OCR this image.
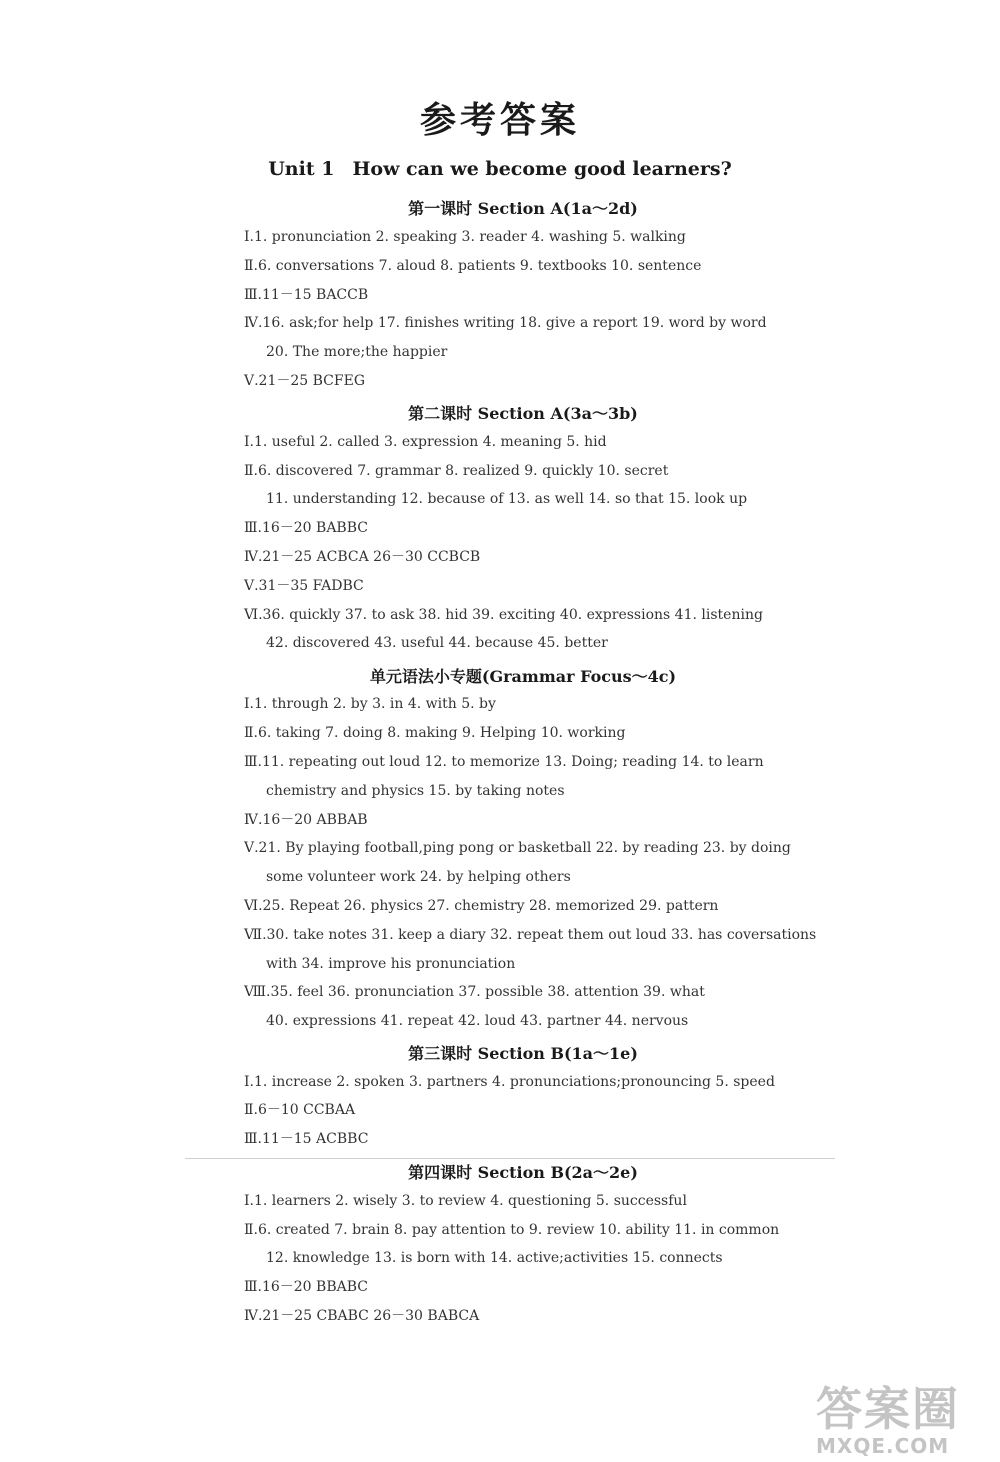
参考答案
Unit 1 How can we become good learners?
第一课时 Section A(1a～2d)
Ⅰ.1. pronunciation 2. speaking 3. reader 4. washing 5. walking
Ⅱ.6. conversations 7. aloud 8. patients 9. textbooks 10. sentence
Ⅲ.11－15 BACCB
Ⅳ.16. ask;for help 17. finishes writing 18. give a report 19. word by word
20. The more;the happier
Ⅴ.21－25 BCFEG
第二课时 Section A(3a～3b)
Ⅰ.1. useful 2. called 3. expression 4. meaning 5. hid
Ⅱ.6. discovered 7. grammar 8. realized 9. quickly 10. secret
11. understanding 12. because of 13. as well 14. so that 15. look up
Ⅲ.16－20 BABBC
Ⅳ.21－25 ACBCA 26－30 CCBCB
Ⅴ.31－35 FADBC
Ⅵ.36. quickly 37. to ask 38. hid 39. exciting 40. expressions 41. listening
42. discovered 43. useful 44. because 45. better
单元语法小专题(Grammar Focus～4c)
Ⅰ.1. through 2. by 3. in 4. with 5. by
Ⅱ.6. taking 7. doing 8. making 9. Helping 10. working
Ⅲ.11. repeating out loud 12. to memorize 13. Doing; reading 14. to learn
chemistry and physics 15. by taking notes
Ⅳ.16－20 ABBAB
Ⅴ.21. By playing football,ping pong or basketball 22. by reading 23. by doing
some volunteer work 24. by helping others
Ⅵ.25. Repeat 26. physics 27. chemistry 28. memorized 29. pattern
Ⅶ.30. take notes 31. keep a diary 32. repeat them out loud 33. has coversations
with 34. improve his pronunciation
Ⅷ.35. feel 36. pronunciation 37. possible 38. attention 39. what
40. expressions 41. repeat 42. loud 43. partner 44. nervous
第三课时 Section B(1a～1e)
Ⅰ.1. increase 2. spoken 3. partners 4. pronunciations;pronouncing 5. speed
Ⅱ.6－10 CCBAA
Ⅲ.11－15 ACBBC
第四课时 Section B(2a～2e)
Ⅰ.1. learners 2. wisely 3. to review 4. questioning 5. successful
Ⅱ.6. created 7. brain 8. pay attention to 9. review 10. ability 11. in common
12. knowledge 13. is born with 14. active;activities 15. connects
Ⅲ.16－20 BBABC
Ⅳ.21－25 CBABC 26－30 BABCA
答案圈
MXQE.COM
